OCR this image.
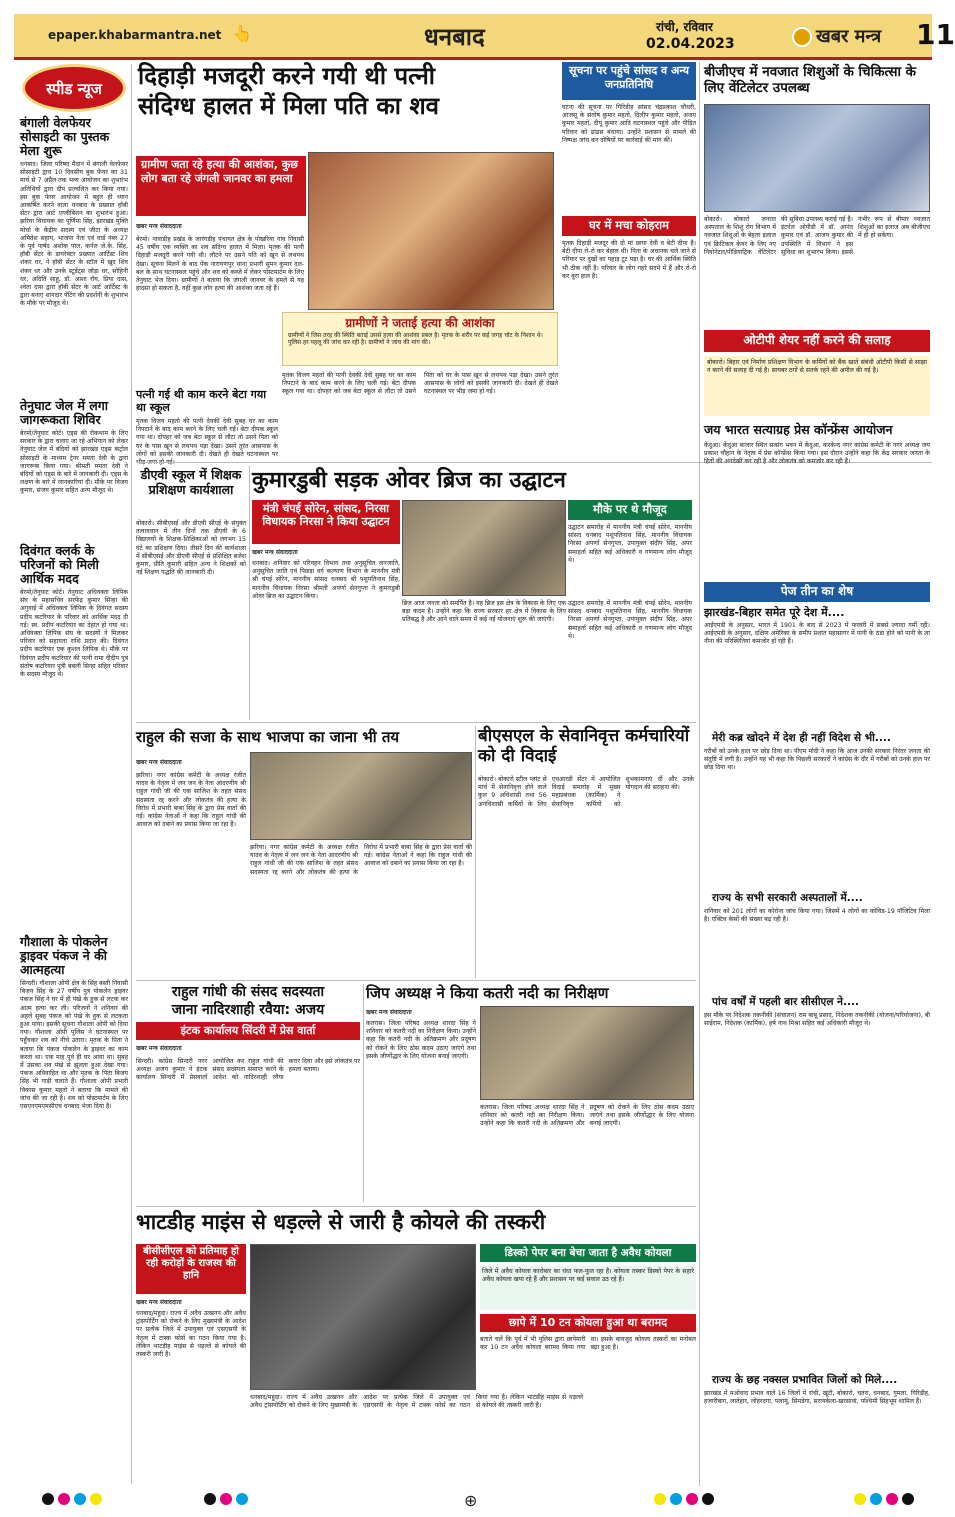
epaper.khabarmantra.net 👆	धनबाद	रांची, रविवार
02.04.2023	खबर मन्त्र 11
स्पीड न्यूज
बंगाली वेलफेयर सोसाइटी का पुस्तक मेला शुरू
धनबाद। जिला परिषद मैदान में बंगाली वेलफेयर सोसाइटी द्वारा 10 दिवसीय बुक फेयर का 31 मार्च से 7 अप्रैल तक भव्य आयोजन का शुभारंभ अतिथियों द्वारा दीप प्रज्वलित कर किया गया। इस बुक फेयर आयोजन में बहुत ही ध्यान आकर्षित करने वाला धनबाद के प्रख्यात हॉबी सेंटर द्वारा आर्ट एग्जीबिशन का शुभारंभ हुआ। झरिया विधायक का पूर्णिमा सिंह, झारखंड मुक्ति मोर्चा के केंद्रीय सदस्य एवं जीटा के अध्यक्ष अमितेश सहाय, भाजपा नेता एवं वार्ड नंबर 27 के पूर्व पार्षद अशोक पाल, कर्नल जे.के. सिंह, हॉबी सेंटर के डायरेक्टर प्रख्यात आर्टिस्ट शिव शंकर धर, ने हॉबी सेंटर के स्टॉल में खुद शिव शंकर धर और उनके स्टूडेंट्स जोड़ा धर, सोहिनी धर, अदिति साहू, डॉ. आशा रॉय, प्रिया दास, श्वेता दास द्वारा हॉबी सेंटर के आर्ट आर्टिस्ट के द्वारा बनाए शानदार पेंटिंग की प्रदर्शनी के शुभारंभ के मौके पर मौजूद थे।
तेनुघाट जेल में लगा जागरूकता शिविर
बेरमो/तेनुघाट कोर्ट। एड्स की रोकथाम के लिए सरकार के द्वारा चलाए जा रहे अभियान को लेकर तेनुघाट जेल में बंदियों को झारखंड एड्स कंट्रोल सोसाइटी के माध्यम ट्रेनर ममता देवी के द्वारा जागरूक किया गया। श्रीमती ममता देवी ने बंदियों को एड्स के बारे में जानकारी दी। एड्स के लक्षण के बारे में जानकारियां दी। मौके पर विजय कुमार, संजय कुमार सहित अन्य मौजूद थे।
दिवंगत क्लर्क के परिजनों को मिली आर्थिक मदद
बेरमो/तेनुघाट कोर्ट। तेनुघाट अधिवक्ता लिपिक संघ के महासचिव सरफेंद्र कुमार सिन्हा की अगुवाई में अधिवक्ता लिपिक के दिवंगत सदस्य प्रदीप कटरियार के परिवार को आर्थिक मदद दी गई। स्व. प्रदीप कटरियार का देहांत हो गया था। अधिवक्ता लिपिक संघ के सदस्यों ने मिलकर परिवार को सहायता राशि प्रदान की। दिवंगत प्रदीप कटरियार एक कुशल लिपिक थे। मौके पर दिवंगत प्रदीप कटरियार की पत्नी रामा दीदीप पुत्र संतोष कटरियार पुत्री बबली सिन्हा सहित परिवार के सदस्य मौजूद थे।
गौशाला के पोकलेन ड्राइवर पंकज ने की आत्महत्या
सिन्दरी। गौशाला ओपी क्षेत्र के सिंह बस्ती निवासी बिजय सिंह के 27 वर्षीय पुत्र पोकलेन ड्राइवर पंकज सिंह ने घर में ही पंखे के हुक से लटक कर आत्म हत्या कर ली। परिजनों ने शनिवार की अहले सुबह पंकज को पंखे के हुक से लटकता हुआ पाया। इसकी सूचना गौशाला ओपी को दिया गया। गौशाला ओपी पुलिस ने घटनास्थल पर पहुँचकर शव को नीचे उतारा। मृतक के पिता ने बताया कि पंकज पोकलेन के ड्राइवर का काम करता था। एक माह पूर्व ही घर आया था। सुबह में उसका शव पंखे से झूलता हुआ देखा गया। पंकज अविवाहित था और मृतक के पिता बिजय सिंह भी गाड़ी चलाते हैं। गौशाला ओपी प्रभारी विकास कुमार महतो ने बताया कि मामले की जांच की जा रही है। शव को पोस्टमार्टम के लिए एसएनएमएमसीएच धनबाद भेजा दिया है।
दिहाड़ी मजदूरी करने गयी थी पत्नी
संदिग्ध हालत में मिला पति का शव
ग्रामीण जता रहे हत्या की आशंका, कुछ लोग बता रहे जंगली जानवर का हमला
खबर मन्त्र संवाददाता
बेरमो। नावाडीह प्रखंड के जारंगडीह पंचायत क्षेत्र के पोखरिया गांव निवासी 45 वर्षीय एक व्यक्ति का शव संदिग्ध हालत में मिला। मृतक की पत्नी दिहाड़ी मजदूरी करने गयी थी। लौटने पर उसने पति को खून से लथपथ देखा। सूचना मिलने के बाद पेंक नारायणपुर थाना प्रभारी सुमन कुमार दल-बल के साथ घटनास्थल पहुंचे और शव को कब्जे में लेकर पोस्टमार्टम के लिए तेनुघाट भेज दिया। ग्रामीणों ने बताया कि जंगली जानवर के हमले से यह हादसा हो सकता है, वहीं कुछ लोग हत्या की आशंका जता रहे हैं।
ग्रामीणों ने जताई हत्या की आशंका
ग्रामीणों ने जिस तरह की स्थिति बताई उससे हत्या की आशंका प्रबल है। मृतक के शरीर पर कई जगह चोट के निशान थे। पुलिस हर पहलू की जांच कर रही है। ग्रामीणों ने जांच की मांग की।
पत्नी गई थी काम करने बेटा गया था स्कूल
मृतक विजय महतो की पत्नी देवकी देवी सुबह घर का काम निपटाने के बाद काम करने के लिए चली गई। बेटा दीपक स्कूल गया था। दोपहर को जब बेटा स्कूल से लौटा तो उसने पिता को घर के पास खून से लथपथ पड़ा देखा। उसने तुरंत आसपास के लोगों को इसकी जानकारी दी। देखते ही देखते घटनास्थल पर
मृतक विजय महतो की पत्नी देवकी देवी सुबह घर का काम निपटाने के बाद काम करने के लिए चली गई। बेटा दीपक स्कूल गया था। दोपहर को जब बेटा स्कूल से लौटा तो उसने पिता को घर के पास खून से लथपथ पड़ा देखा। उसने तुरंत आसपास के लोगों को इसकी जानकारी दी। देखते ही देखते घटनास्थल पर भीड़ जमा हो गई।
सूचना पर पहुंचे सांसद व अन्य जनप्रतिनिधि
घटना की सूचना पर गिरिडीह सांसद चंद्रप्रकाश चौधरी, आजसू के संतोष कुमार महतो, दिलीप कुमार महतो, अजय कुमार महतो, दीपू कुमार आदि घटनास्थल पहुंचे और पीड़ित परिवार को ढांढस बंधाया। उन्होंने प्रशासन से मामले की निष्पक्ष जांच कर दोषियों पर कार्रवाई की मांग की।
घर में मचा कोहराम
मृतक दिहाड़ी मजदूर की दो मां छाया देवी व बेटी दीपा है। बेटी दीपा रो-रो कर बेहाल थी। पिता के अचानक चले जाने से परिवार पर दुखों का पहाड़ टूट पड़ा है। घर की आर्थिक स्थिति भी ठीक नहीं है। परिवार के लोग गहरे सदमे में हैं और रो-रो कर बुरा हाल है।
बीजीएच में नवजात शिशुओं के चिकित्सा के लिए वेंटिलेटर उपलब्ध
बोकारो। बोकारो जनरल अस्पताल के शिशु रोग विभाग में नवजात शिशुओं के बेहतर इलाज एवं क्रिटिकल केयर के लिए नए नियोनेटल/पीडियाट्रिक वेंटिलेटर की सुविधा उपलब्ध कराई गई है। इंटर्नल ओपीडी में डॉ. आनंद कुमार एवं डॉ. आजय कुमार की उपस्थिति में विभाग ने इस सुविधा का शुभारंभ किया। इससे गंभीर रूप से बीमार नवजात शिशुओं का इलाज अब बीजीएच में ही हो सकेगा।
ओटीपी शेयर नहीं करने की सलाह
बोकारो। बिहार एवं निर्माण प्रशिक्षण विभाग के कर्मियों को बैंक खाते संबंधी ओटीपी किसी से साझा न करने की सलाह दी गई है। सायबर ठगों से सतर्क रहने की अपील की गई है।
डीएवी स्कूल में शिक्षक प्रशिक्षण कार्यशाला
बोकारो। सीबीएसई और डीएवी सीएई के संयुक्त तत्वावधान में तीन दिनों तक डीएवी के 6 विद्यालयों के शिक्षक-शिक्षिकाओं को लगभग 15 घंटे का प्रशिक्षण दिया। तीसरे दिन की कार्यशाला में सीबीएसई और डीएवी सीएई से प्रशिक्षित ब्रजेश कुमार, प्रीति कुमारी सहित अन्य ने शिक्षकों को नई शिक्षण पद्धति की जानकारी दी।
कुमारडुबी सड़क ओवर ब्रिज का उद्घाटन
मंत्री चंपई सोरेन, सांसद, निरसा विधायक निरसा ने किया उद्घाटन
मौके पर थे मौजूद
उद्घाटन समारोह में माननीय मंत्री चंपई सोरेन, माननीय सांसद धनबाद पशुपतिनाथ सिंह, माननीय विधायक निरसा अपर्णा सेनगुप्ता, उपायुक्त संदीप सिंह, अपर समाहर्ता सहित कई अधिकारी व गणमान्य लोग मौजूद थे।
खबर मन्त्र संवाददाता
धनबाद। शनिवार को परिवहन विभाग तथा अनुसूचित जनजाति, अनुसूचित जाति एवं पिछड़ा वर्ग कल्याण विभाग के माननीय मंत्री श्री चंपई सोरेन, माननीय सांसद धनबाद श्री पशुपतिनाथ सिंह, माननीय विधायक निरसा श्रीमती अपर्णा सेनगुप्ता ने कुमारडुबी ओवर ब्रिज का उद्घाटन किया।
ब्रिज आज जनता को समर्पित है। यह ब्रिज इस क्षेत्र के विकास के लिए एक बड़ा कदम है। उन्होंने कहा कि राज्य सरकार हर क्षेत्र में विकास के लिए प्रतिबद्ध है और आने वाले समय में कई नई योजनाएं शुरू की जाएंगी।
उद्घाटन समारोह में माननीय मंत्री चंपई सोरेन, माननीय सांसद धनबाद पशुपतिनाथ सिंह, माननीय विधायक निरसा अपर्णा सेनगुप्ता, उपायुक्त संदीप सिंह, अपर समाहर्ता सहित कई अधिकारी व गणमान्य लोग मौजूद थे।
जय भारत सत्याग्रह प्रेस कॉन्फ्रेंस आयोजन
केंदुआ। केंदुआ बाजार स्थित सत्संग भवन में केंदुआ, करकेन्द नगर कांग्रेस कमेटी के नगर अध्यक्ष जय प्रकाश चौहान के नेतृत्व में प्रेस कॉन्फ्रेंस किया गया। इस दौरान उन्होंने कहा कि केंद्र सरकार जनता के हितों की अनदेखी कर रही है और लोकतंत्र को कमजोर कर रही है।
पेज तीन का शेष
झारखंड-बिहार समेत पूरे देश में....
आईएमडी के अनुसार, भारत में 1901 के बाद से 2023 में फरवरी में सबसे ज्यादा गर्मी रही। आईएमडी के अनुसार, दक्षिण अमेरिका के समीप प्रशांत महासागर में पानी के ठंडा होने को पानी के ला नीना की परिस्थितियां कमजोर हो रही हैं।
मेरी कब्र खोदने में देश ही नहीं विदेश से भी....
गरीबों को उनके हाल पर छोड़ दिया था। पीएम मोदी ने कहा कि आज उनकी सरकार निरंतर जनता की संतुष्टि में लगी है। उन्होंने यह भी कहा कि पिछली सरकारों ने कांग्रेस के दौर में गरीबों को उनके हाल पर छोड़ दिया था।
राज्य के सभी सरकारी अस्पतालों में....
शनिवार को 201 लोगों का कोरोना जांच किया गया। जिसमें 4 लोगों का कोविड-19 पॉजिटिव मिला है। एक्टिव केसों की संख्या बढ़ रही है।
पांच वर्षों में पहली बार सीसीएल ने....
इस मौके पर निदेशक तकनीकी (संचालन) राम बाबू प्रसाद, निदेशक तकनीकी (योजना/परियोजना), बी साईराम, निदेशक (कार्मिक), हर्ष नाथ मिश्रा सहित कई अधिकारी मौजूद थे।
राज्य के छह नक्सल प्रभावित जिलों को मिले....
झारखंड में मओवाद प्रभाव वाले 16 जिलों में रांची, खूंटी, बोकारो, चतरा, धनबाद, गुमला, गिरिडीह, हजारीबाग, लातेहार, लोहरदगा, पलामू, सिमडेगा, सरायकेला-खरसावां, पश्चिमी सिंहभूम शामिल हैं।
राहुल की सजा के साथ भाजपा का जाना भी तय
खबर मन्त्र संवाददाता
झरिया। नगर कांग्रेस कमेटी के अध्यक्ष रंजीत यादव के नेतृत्व में जन जन के नेता आदरणीय श्री राहुल गांधी जी की एक साजिश के तहत संसद सदस्यता रद्द करने और लोकतंत्र की हत्या के विरोध में प्रभारी बाबा सिंह के द्वारा प्रेस वार्ता की गई। कांग्रेस नेताओं ने कहा कि राहुल गांधी की आवाज को दबाने का प्रयास किया जा रहा है।
झरिया। नगर कांग्रेस कमेटी के अध्यक्ष रंजीत यादव के नेतृत्व में जन जन के नेता आदरणीय श्री राहुल गांधी जी की एक साजिश के तहत संसद सदस्यता रद्द करने और लोकतंत्र की हत्या के विरोध में प्रभारी बाबा सिंह के द्वारा प्रेस वार्ता की गई। कांग्रेस नेताओं ने कहा कि राहुल गांधी की आवाज को दबाने का प्रयास किया जा रहा है।
बीएसएल के सेवानिवृत्त कर्मचारियों को दी विदाई
बोकारो। बोकारो स्टील प्लांट से मार्च में सेवानिवृत्त होने वाले कुल 9 अधिशासी तथा 56 अनधिशासी कर्मियों के लिए एचआरडी सेंटर में आयोजित विदाई समारोह में मुख्य महाप्रबंधक (कार्मिक) ने सेवानिवृत्त कर्मियों को शुभकामनाएं दीं और उनके योगदान की सराहना की।
राहुल गांधी की संसद सदस्यता
जाना नादिरशाही रवैया: अजय
इंटक कार्यालय सिंदरी में प्रेस वार्ता
खबर मन्त्र संवाददाता
सिन्दरी। कांग्रेस सिन्दरी नगर अध्यक्ष अजय कुमार ने इंटक कार्यालय सिन्दरी में प्रेसवार्ता आयोजित कर राहुल गांधी की संसद सदस्यता समाप्त करने के आदेश को नादिरशाही रवैया करार दिया और इसे लोकतंत्र पर हमला बताया।
जिप अध्यक्ष ने किया कतरी नदी का निरीक्षण
खबर मन्त्र संवाददाता
कतरास। जिला परिषद अध्यक्ष शारदा सिंह ने शनिवार को कतरी नदी का निरीक्षण किया। उन्होंने कहा कि कतरी नदी के अतिक्रमण और प्रदूषण को रोकने के लिए ठोस कदम उठाए जाएंगे तथा इसके जीर्णोद्धार के लिए योजना बनाई जाएगी।
कतरास। जिला परिषद अध्यक्ष शारदा सिंह ने शनिवार को कतरी नदी का निरीक्षण किया। उन्होंने कहा कि कतरी नदी के अतिक्रमण और प्रदूषण को रोकने के लिए ठोस कदम उठाए जाएंगे तथा इसके जीर्णोद्धार के लिए योजना बनाई जाएगी।
भाटडीह माइंस से धड़ल्ले से जारी है कोयले की तस्करी
बीसीसीएल को प्रतिमाह हो रही करोड़ों के राजस्व की हानि
डिस्को पेपर बना बेचा जाता है अवैध कोयला
जिले में अवैध कोयला कारोबार का धंधा फल-फूल रहा है। कोयला तस्कर डिस्को पेपर के सहारे अवैध कोयला खपा रहे हैं और प्रशासन पर कई सवाल उठ रहे हैं।
छापे में 10 टन कोयला हुआ था बरामद
बताते चलें कि पूर्व में भी पुलिस द्वारा छापेमारी कर 10 टन अवैध कोयला बरामद किया गया था। इसके बावजूद कोयला तस्करों का मनोबल बढ़ा हुआ है।
खबर मन्त्र संवाददाता
धनबाद/महुदा। राज्य में अवैध उत्खनन और अवैध ट्रांसपोर्टिंग को रोकने के लिए मुख्यमंत्री के आदेश पर प्रत्येक जिले में उपायुक्त एवं एसएसपी के नेतृत्व में टास्क फोर्स का गठन किया गया है। लेकिन भाटडीह माइंस से धड़ल्ले से कोयले की तस्करी जारी है।
धनबाद/महुदा। राज्य में अवैध उत्खनन और अवैध ट्रांसपोर्टिंग को रोकने के लिए मुख्यमंत्री के आदेश पर प्रत्येक जिले में उपायुक्त एवं एसएसपी के नेतृत्व में टास्क फोर्स का गठन किया गया है। लेकिन भाटडीह माइंस से धड़ल्ले से कोयले की तस्करी जारी है।
⊕
